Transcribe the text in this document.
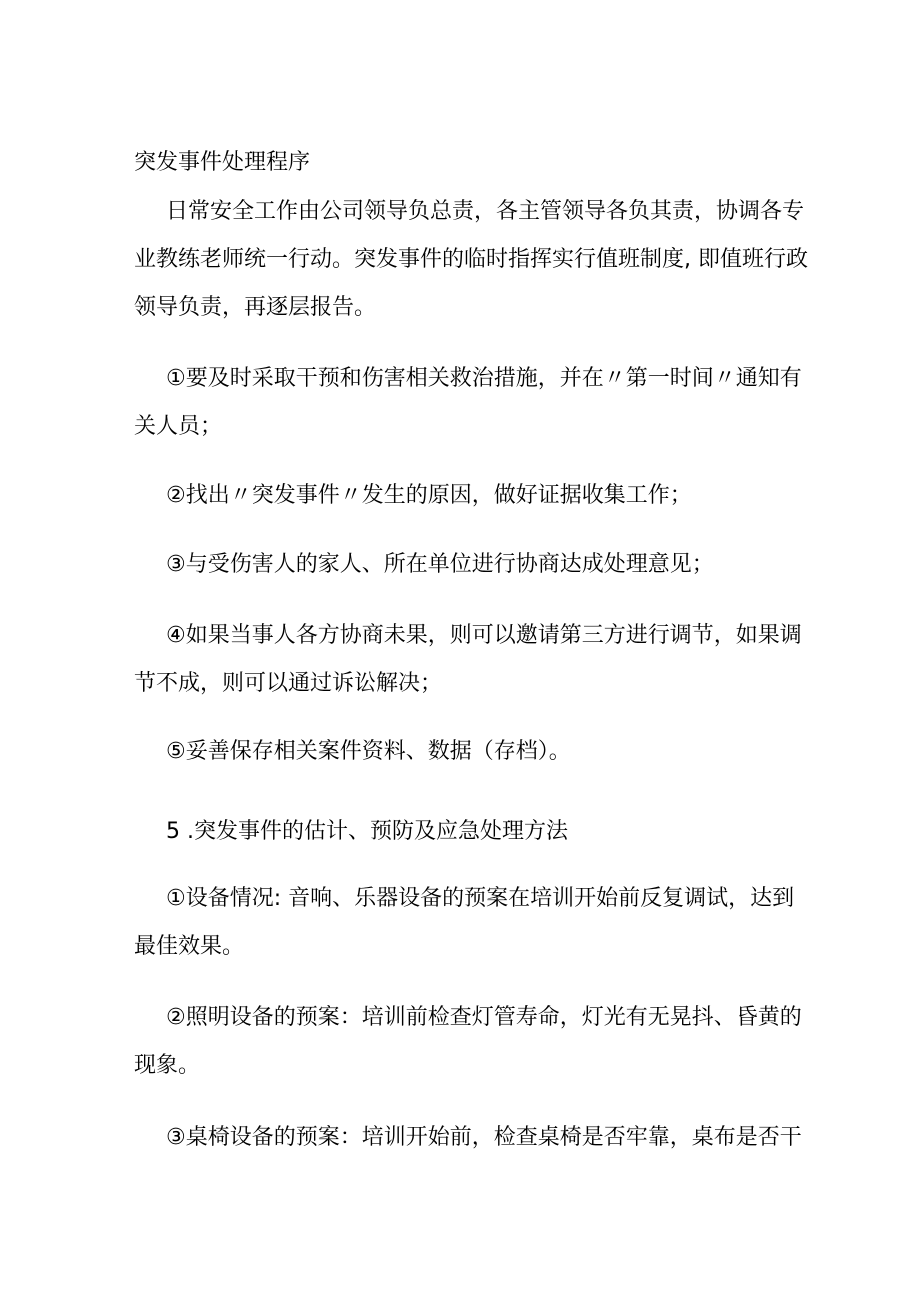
突发事件处理程序
日常安全工作由公司领导负总责，各主管领导各负其责，协调各专
业教练老师统一行动。突发事件的临时指挥实行值班制度, 即值班行政
领导负责，再逐层报告。
①要及时采取干预和伤害相关救治措施，并在〃第一时间〃通知有
关人员；
②找出〃突发事件〃发生的原因，做好证据收集工作；
③与受伤害人的家人、所在单位进行协商达成处理意见；
④如果当事人各方协商未果，则可以邀请第三方进行调节，如果调
节不成，则可以通过诉讼解决；
⑤妥善保存相关案件资料、数据（存档）。
5 .突发事件的估计、预防及应急处理方法
①设备情况: 音响、乐器设备的预案在培训开始前反复调试，达到
最佳效果。
②照明设备的预案：培训前检查灯管寿命，灯光有无晃抖、昏黄的
现象。
③桌椅设备的预案：培训开始前，检查桌椅是否牢靠，桌布是否干
